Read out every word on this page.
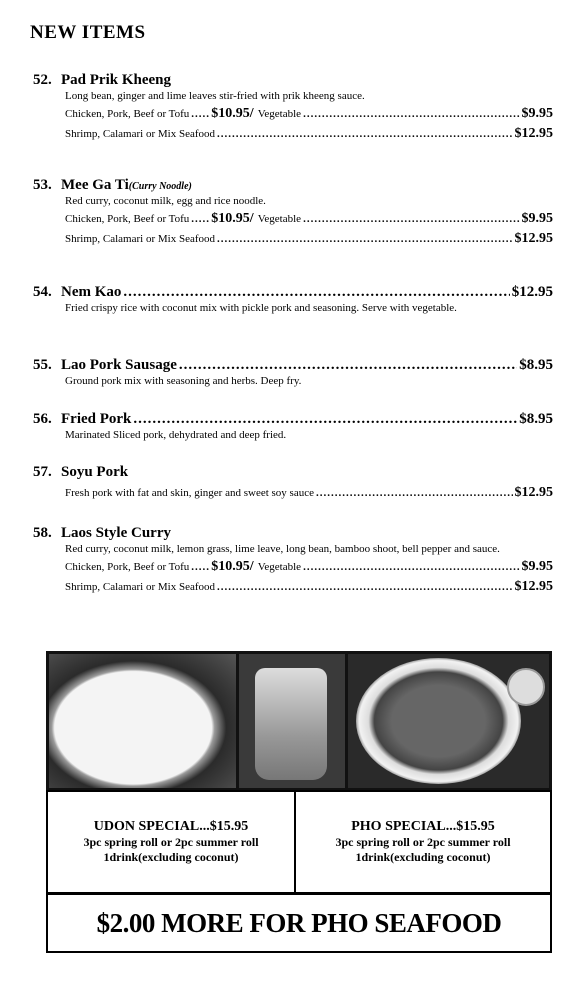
NEW ITEMS
52. Pad Prik Kheeng
Long bean, ginger and lime leaves stir-fried with prik kheeng sauce.
Chicken, Pork, Beef or Tofu ..... $10.95/ Vegetable .....	$9.95
Shrimp, Calamari or Mix Seafood .....	$12.95
53. Mee Ga Ti (Curry Noodle)
Red curry, coconut milk, egg and rice noodle.
Chicken, Pork, Beef or Tofu ..... $10.95/ Vegetable .....	$9.95
Shrimp, Calamari or Mix Seafood .....	$12.95
54. Nem Kao .....	$12.95
Fried crispy rice with coconut mix with pickle pork and seasoning. Serve with vegetable.
55. Lao Pork Sausage .....	$8.95
Ground pork mix with seasoning and herbs. Deep fry.
56. Fried Pork .....	$8.95
Marinated Sliced pork, dehydrated and deep fried.
57. Soyu Pork
Fresh pork with fat and skin, ginger and sweet soy sauce .....	$12.95
58. Laos Style Curry
Red curry, coconut milk, lemon grass, lime leave, long bean, bamboo shoot, bell pepper and sauce.
Chicken, Pork, Beef or Tofu ..... $10.95/ Vegetable .....	$9.95
Shrimp, Calamari or Mix Seafood .....	$12.95
UDON SPECIAL...$15.95
3pc spring roll or 2pc summer roll
1drink(excluding coconut)
PHO SPECIAL...$15.95
3pc spring roll or 2pc summer roll
1drink(excluding coconut)
$2.00 MORE FOR PHO SEAFOOD
